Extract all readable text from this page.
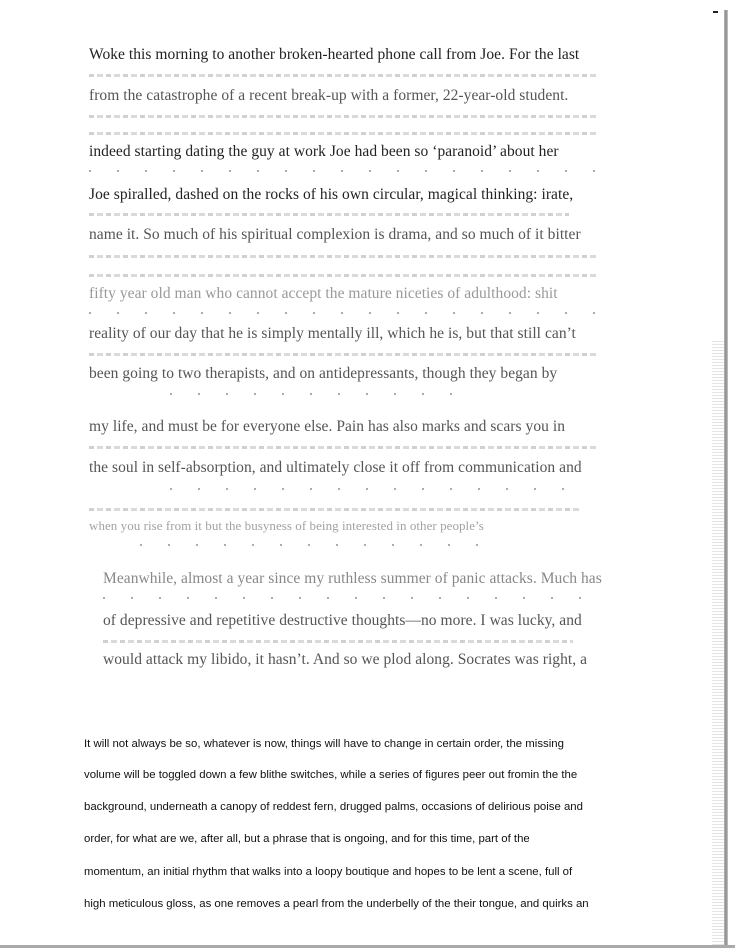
Woke this morning to another broken-hearted phone call from Joe. For the last
from the catastrophe of a recent break-up with a former, 22-year-old student.
indeed starting dating the guy at work Joe had been so ‘paranoid’ about her
Joe spiralled, dashed on the rocks of his own circular, magical thinking: irate,
name it. So much of his spiritual complexion is drama, and so much of it bitter
fifty year old man who cannot accept the mature niceties of adulthood: shit
reality of our day that he is simply mentally ill, which he is, but that still can’t
been going to two therapists, and on antidepressants, though they began by
my life, and must be for everyone else. Pain has also marks and scars you in
the soul in self-absorption, and ultimately close it off from communication and
when you rise from it but the busyness of being interested in other people’s
Meanwhile, almost a year since my ruthless summer of panic attacks. Much has
of depressive and repetitive destructive thoughts—no more. I was lucky, and
would attack my libido, it hasn’t. And so we plod along. Socrates was right, a
It will not always be so, whatever is now, things will have to change in certain order, the missing
volume will be toggled down a few blithe switches, while a series of figures peer out fromin the the
background, underneath a canopy of reddest fern, drugged palms, occasions of delirious poise and
order, for what are we, after all, but a phrase that is ongoing, and for this time, part of the
momentum, an initial rhythm that walks into a loopy boutique and hopes to be lent a scene, full of
high meticulous gloss, as one removes a pearl from the underbelly of the their tongue, and quirks an
